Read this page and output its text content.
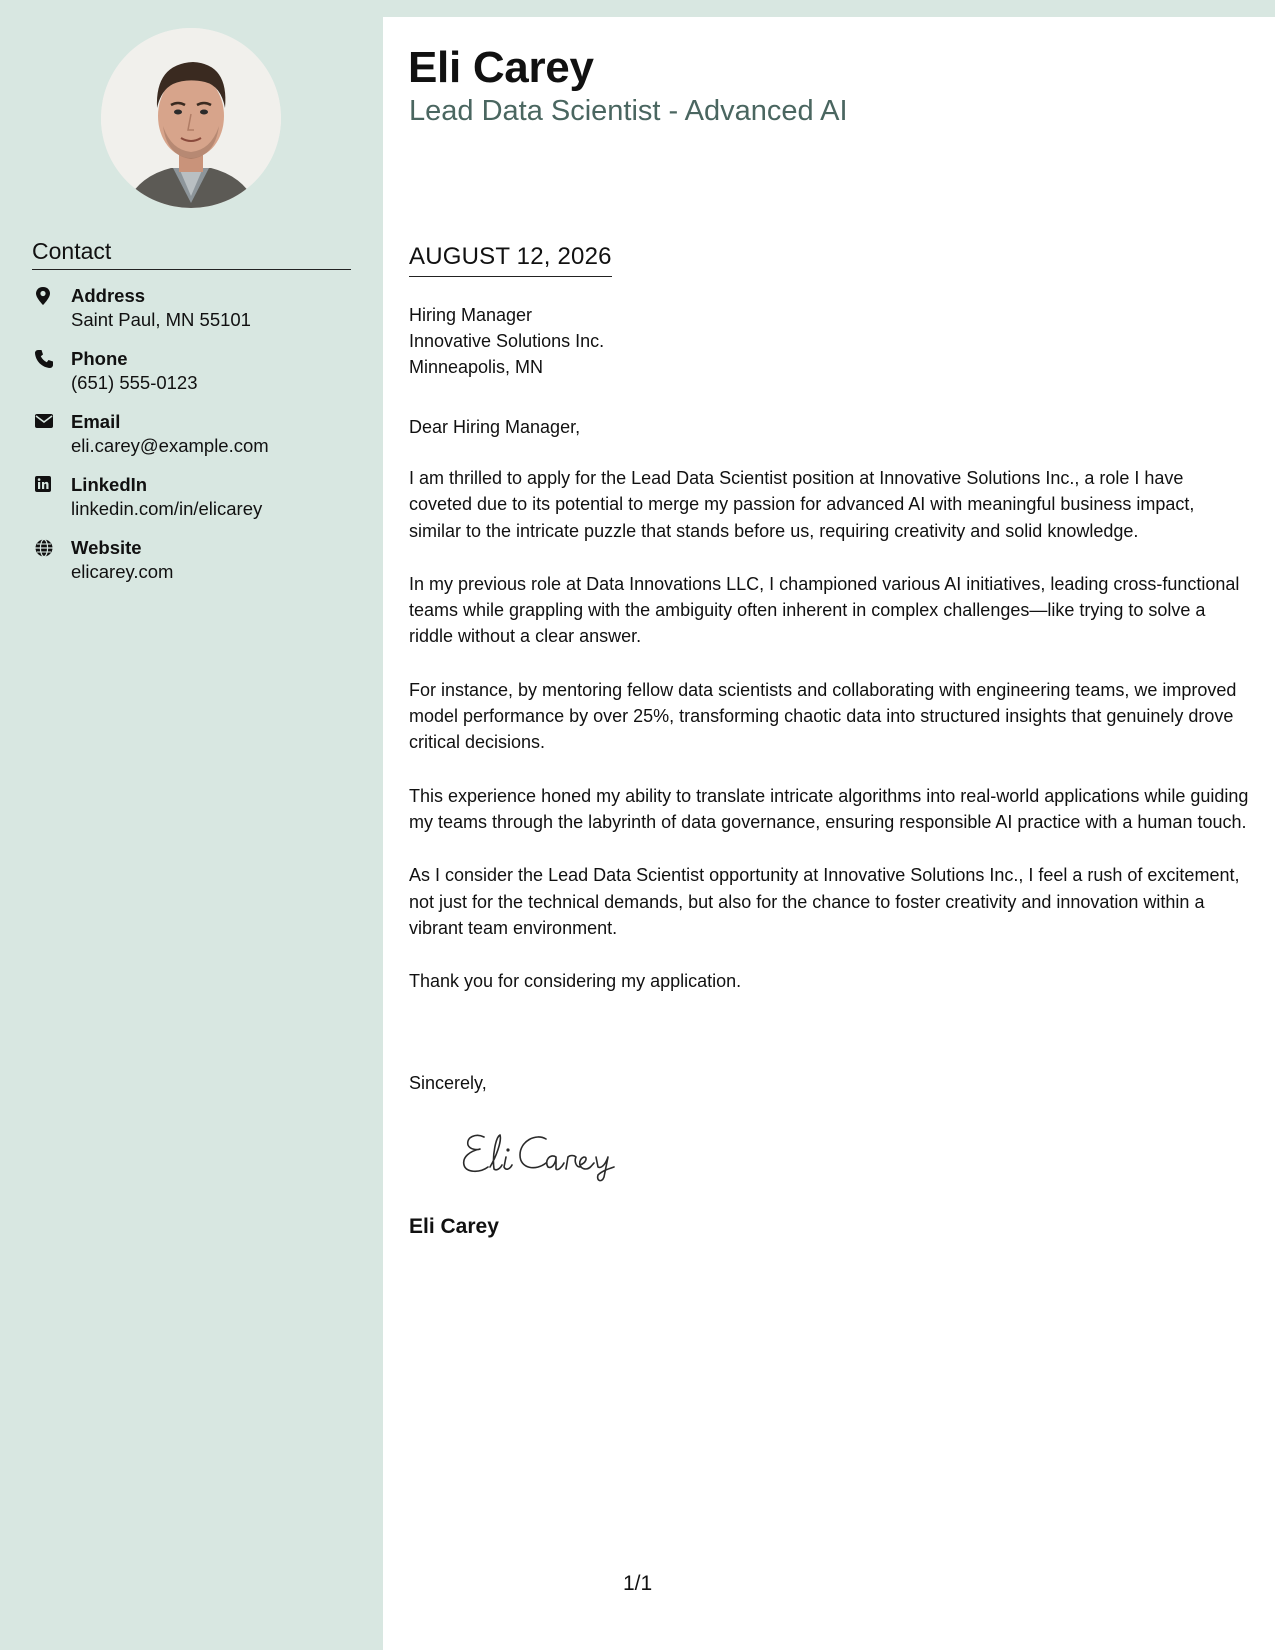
Contact
Address
Saint Paul, MN 55101
Phone
(651) 555-0123
Email
eli.carey@example.com
LinkedIn
linkedin.com/in/elicarey
Website
elicarey.com
Eli Carey
Lead Data Scientist - Advanced AI
AUGUST 12, 2026
Hiring Manager
Innovative Solutions Inc.
Minneapolis, MN
Dear Hiring Manager,

I am thrilled to apply for the Lead Data Scientist position at Innovative Solutions Inc., a role I have coveted due to its potential to merge my passion for advanced AI with meaningful business impact, similar to the intricate puzzle that stands before us, requiring creativity and solid knowledge.

In my previous role at Data Innovations LLC, I championed various AI initiatives, leading cross-functional teams while grappling with the ambiguity often inherent in complex challenges—like trying to solve a riddle without a clear answer.

For instance, by mentoring fellow data scientists and collaborating with engineering teams, we improved model performance by over 25%, transforming chaotic data into structured insights that genuinely drove critical decisions.

This experience honed my ability to translate intricate algorithms into real-world applications while guiding my teams through the labyrinth of data governance, ensuring responsible AI practice with a human touch.

As I consider the Lead Data Scientist opportunity at Innovative Solutions Inc., I feel a rush of excitement, not just for the technical demands, but also for the chance to foster creativity and innovation within a vibrant team environment.

Thank you for considering my application.

Sincerely,
Eli Carey
1/1
